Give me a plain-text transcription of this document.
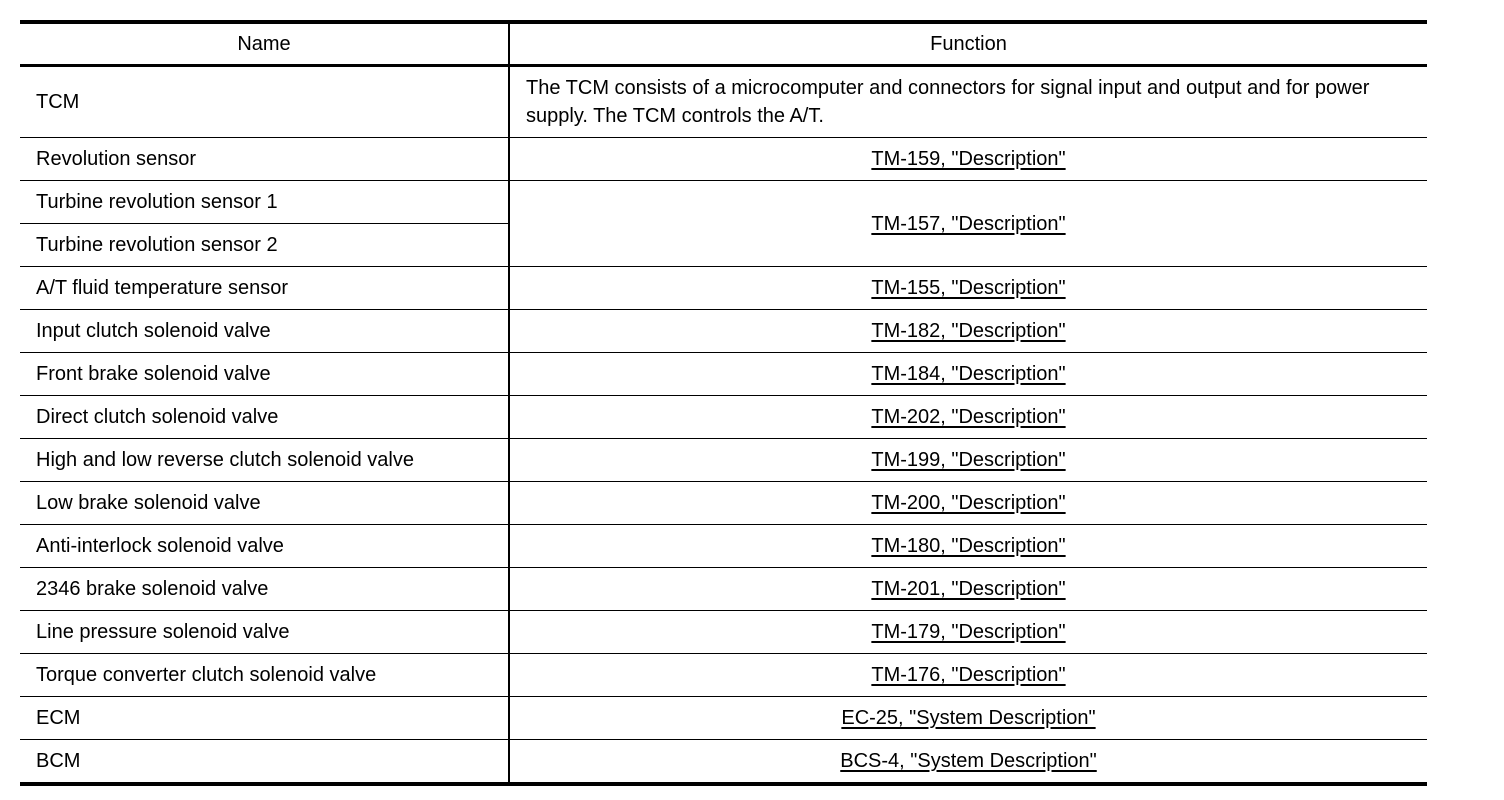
Name	Function
TCM	The TCM consists of a microcomputer and connectors for signal input and output and for power supply. The TCM controls the A/T.
Revolution sensor	TM-159, "Description"
Turbine revolution sensor 1	TM-157, "Description"
Turbine revolution sensor 2	
A/T fluid temperature sensor	TM-155, "Description"
Input clutch solenoid valve	TM-182, "Description"
Front brake solenoid valve	TM-184, "Description"
Direct clutch solenoid valve	TM-202, "Description"
High and low reverse clutch solenoid valve	TM-199, "Description"
Low brake solenoid valve	TM-200, "Description"
Anti-interlock solenoid valve	TM-180, "Description"
2346 brake solenoid valve	TM-201, "Description"
Line pressure solenoid valve	TM-179, "Description"
Torque converter clutch solenoid valve	TM-176, "Description"
ECM	EC-25, "System Description"
BCM	BCS-4, "System Description"
